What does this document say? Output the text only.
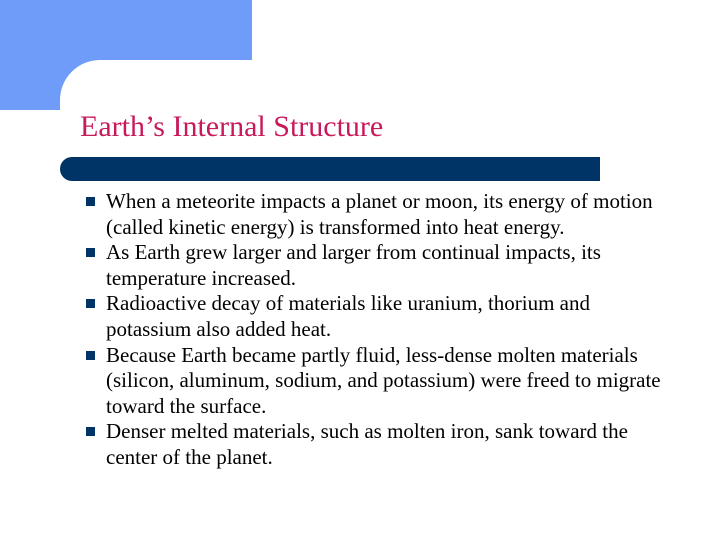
Earth’s Internal Structure
When a meteorite impacts a planet or moon, its energy of motion (called kinetic energy) is transformed into heat energy.
As Earth grew larger and larger from continual impacts, its temperature increased.
Radioactive decay of materials like uranium, thorium and potassium also added heat.
Because Earth became partly fluid, less-dense molten materials (silicon, aluminum, sodium, and potassium) were freed to migrate toward the surface.
Denser melted materials, such as molten iron, sank toward the center of the planet.
